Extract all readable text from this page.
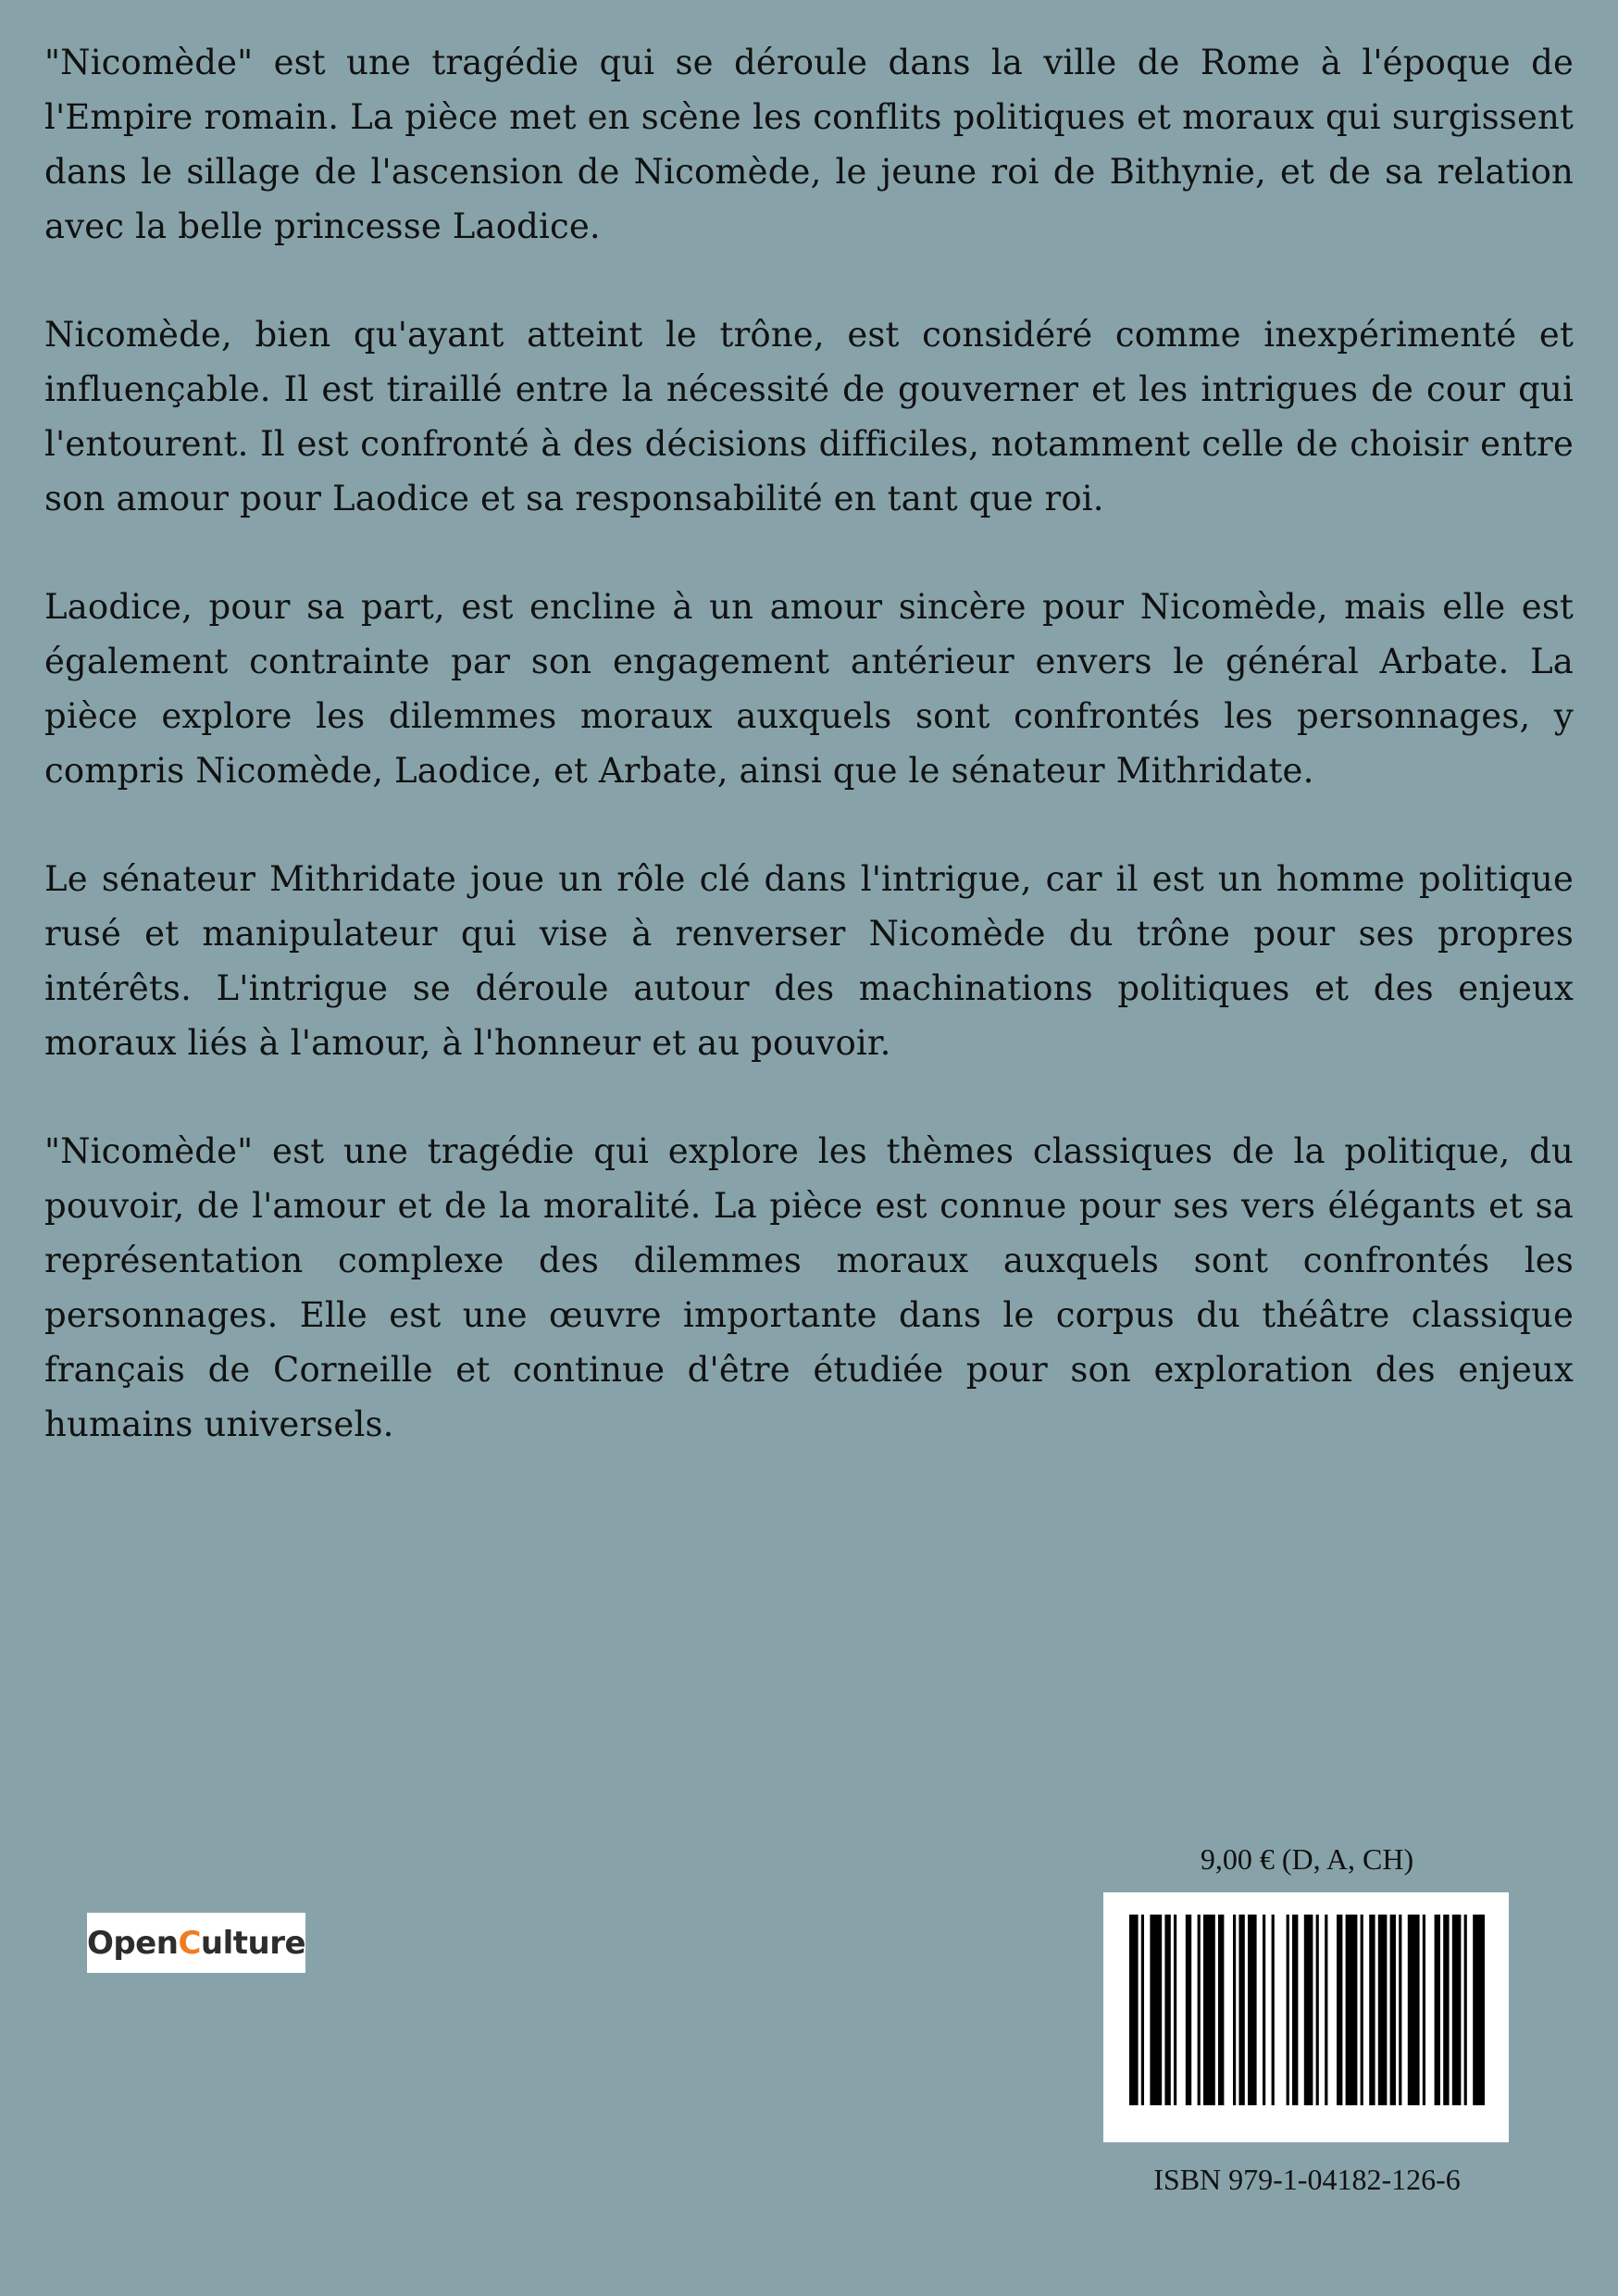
"Nicomède" est une tragédie qui se déroule dans la ville de Rome à l'époque de l'Empire romain. La pièce met en scène les conflits politiques et moraux qui surgissent dans le sillage de l'ascension de Nicomède, le jeune roi de Bithynie, et de sa relation avec la belle princesse Laodice.

Nicomède, bien qu'ayant atteint le trône, est considéré comme inexpérimenté et influençable. Il est tiraillé entre la nécessité de gouverner et les intrigues de cour qui l'entourent. Il est confronté à des décisions difficiles, notamment celle de choisir entre son amour pour Laodice et sa responsabilité en tant que roi.

Laodice, pour sa part, est encline à un amour sincère pour Nicomède, mais elle est également contrainte par son engagement antérieur envers le général Arbate. La pièce explore les dilemmes moraux auxquels sont confrontés les personnages, y compris Nicomède, Laodice, et Arbate, ainsi que le sénateur Mithridate.

Le sénateur Mithridate joue un rôle clé dans l'intrigue, car il est un homme politique rusé et manipulateur qui vise à renverser Nicomède du trône pour ses propres intérêts. L'intrigue se déroule autour des machinations politiques et des enjeux moraux liés à l'amour, à l'honneur et au pouvoir.

"Nicomède" est une tragédie qui explore les thèmes classiques de la politique, du pouvoir, de l'amour et de la moralité. La pièce est connue pour ses vers élégants et sa représentation complexe des dilemmes moraux auxquels sont confrontés les personnages. Elle est une œuvre importante dans le corpus du théâtre classique français de Corneille et continue d'être étudiée pour son exploration des enjeux humains universels.

Open C ulture
9,00 € (D, A, CH)
ISBN 979-1-04182-126-6
